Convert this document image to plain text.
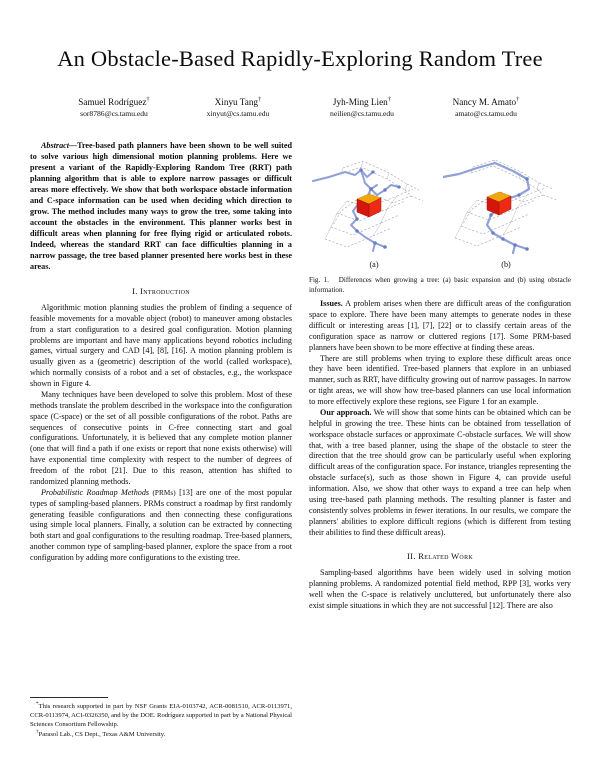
An Obstacle-Based Rapidly-Exploring Random Tree
Samuel Rodríguez†
sor8786@cs.tamu.edu
Xinyu Tang†
xinyut@cs.tamu.edu
Jyh-Ming Lien†
neilien@cs.tamu.edu
Nancy M. Amato†
amato@cs.tamu.edu

Abstract—Tree-based path planners have been shown to be well suited to solve various high dimensional motion planning problems. Here we present a variant of the Rapidly-Exploring Random Tree (RRT) path planning algorithm that is able to explore narrow passages or difficult areas more effectively. We show that both workspace obstacle information and C-space information can be used when deciding which direction to grow. The method includes many ways to grow the tree, some taking into account the obstacles in the environment. This planner works best in difficult areas when planning for free flying rigid or articulated robots. Indeed, whereas the standard RRT can face difficulties planning in a narrow passage, the tree based planner presented here works best in these areas.

I. Introduction

Algorithmic motion planning studies the problem of finding a sequence of feasible movements for a movable object (robot) to maneuver among obstacles from a start configuration to a desired goal configuration. Motion planning problems are important and have many applications beyond robotics including games, virtual surgery and CAD [4], [8], [16]. A motion planning problem is usually given as a (geometric) description of the world (called workspace), which normally consists of a robot and a set of obstacles, e.g., the workspace shown in Figure 4.

Many techniques have been developed to solve this problem. Most of these methods translate the problem described in the workspace into the configuration space (C-space) or the set of all possible configurations of the robot. Paths are sequences of consecutive points in C-free connecting start and goal configurations. Unfortunately, it is believed that any complete motion planner (one that will find a path if one exists or report that none exists otherwise) will have exponential time complexity with respect to the number of degrees of freedom of the robot [21]. Due to this reason, attention has shifted to randomized planning methods.

Probabilistic Roadmap Methods (PRMs) [13] are one of the most popular types of sampling-based planners. PRMs construct a roadmap by first randomly generating feasible configurations and then connecting these configurations using simple local planners. Finally, a solution can be extracted by connecting both start and goal configurations to the resulting roadmap. Tree-based planners, another common type of sampling-based planner, explore the space from a root configuration by adding more configurations to the existing tree.

(a)	(b)
Fig. 1. Differences when growing a tree: (a) basic expansion and (b) using obstacle information.

Issues. A problem arises when there are difficult areas of the configuration space to explore. There have been many attempts to generate nodes in these difficult or interesting areas [1], [7], [22] or to classify certain areas of the configuration space as narrow or cluttered regions [17]. Some PRM-based planners have been shown to be more effective at finding these areas.

There are still problems when trying to explore these difficult areas once they have been identified. Tree-based planners that explore in an unbiased manner, such as RRT, have difficulty growing out of narrow passages. In narrow or tight areas, we will show how tree-based planners can use local information to more effectively explore these regions, see Figure 1 for an example.

Our approach. We will show that some hints can be obtained which can be helpful in growing the tree. These hints can be obtained from tessellation of workspace obstacle surfaces or approximate C-obstacle surfaces. We will show that, with a tree based planner, using the shape of the obstacle to steer the direction that the tree should grow can be particularly useful when exploring difficult areas of the configuration space. For instance, triangles representing the obstacle surface(s), such as those shown in Figure 4, can provide useful information. Also, we show that other ways to expand a tree can help when using tree-based path planning methods. The resulting planner is faster and consistently solves problems in fewer iterations. In our results, we compare the planners' abilities to explore difficult regions (which is different from testing their abilities to find these difficult areas).

II. Related Work

Sampling-based algorithms have been widely used in solving motion planning problems. A randomized potential field method, RPP [3], works very well when the C-space is relatively uncluttered, but unfortunately there also exist simple situations in which they are not successful [12]. There are also

*This research supported in part by NSF Grants EIA-0103742, ACR-0081510, ACR-0113971, CCR-0113974, ACI-0326350, and by the DOE. Rodríguez supported in part by a National Physical Sciences Consortium Fellowship.

†Parasol Lab., CS Dept., Texas A&M University.
